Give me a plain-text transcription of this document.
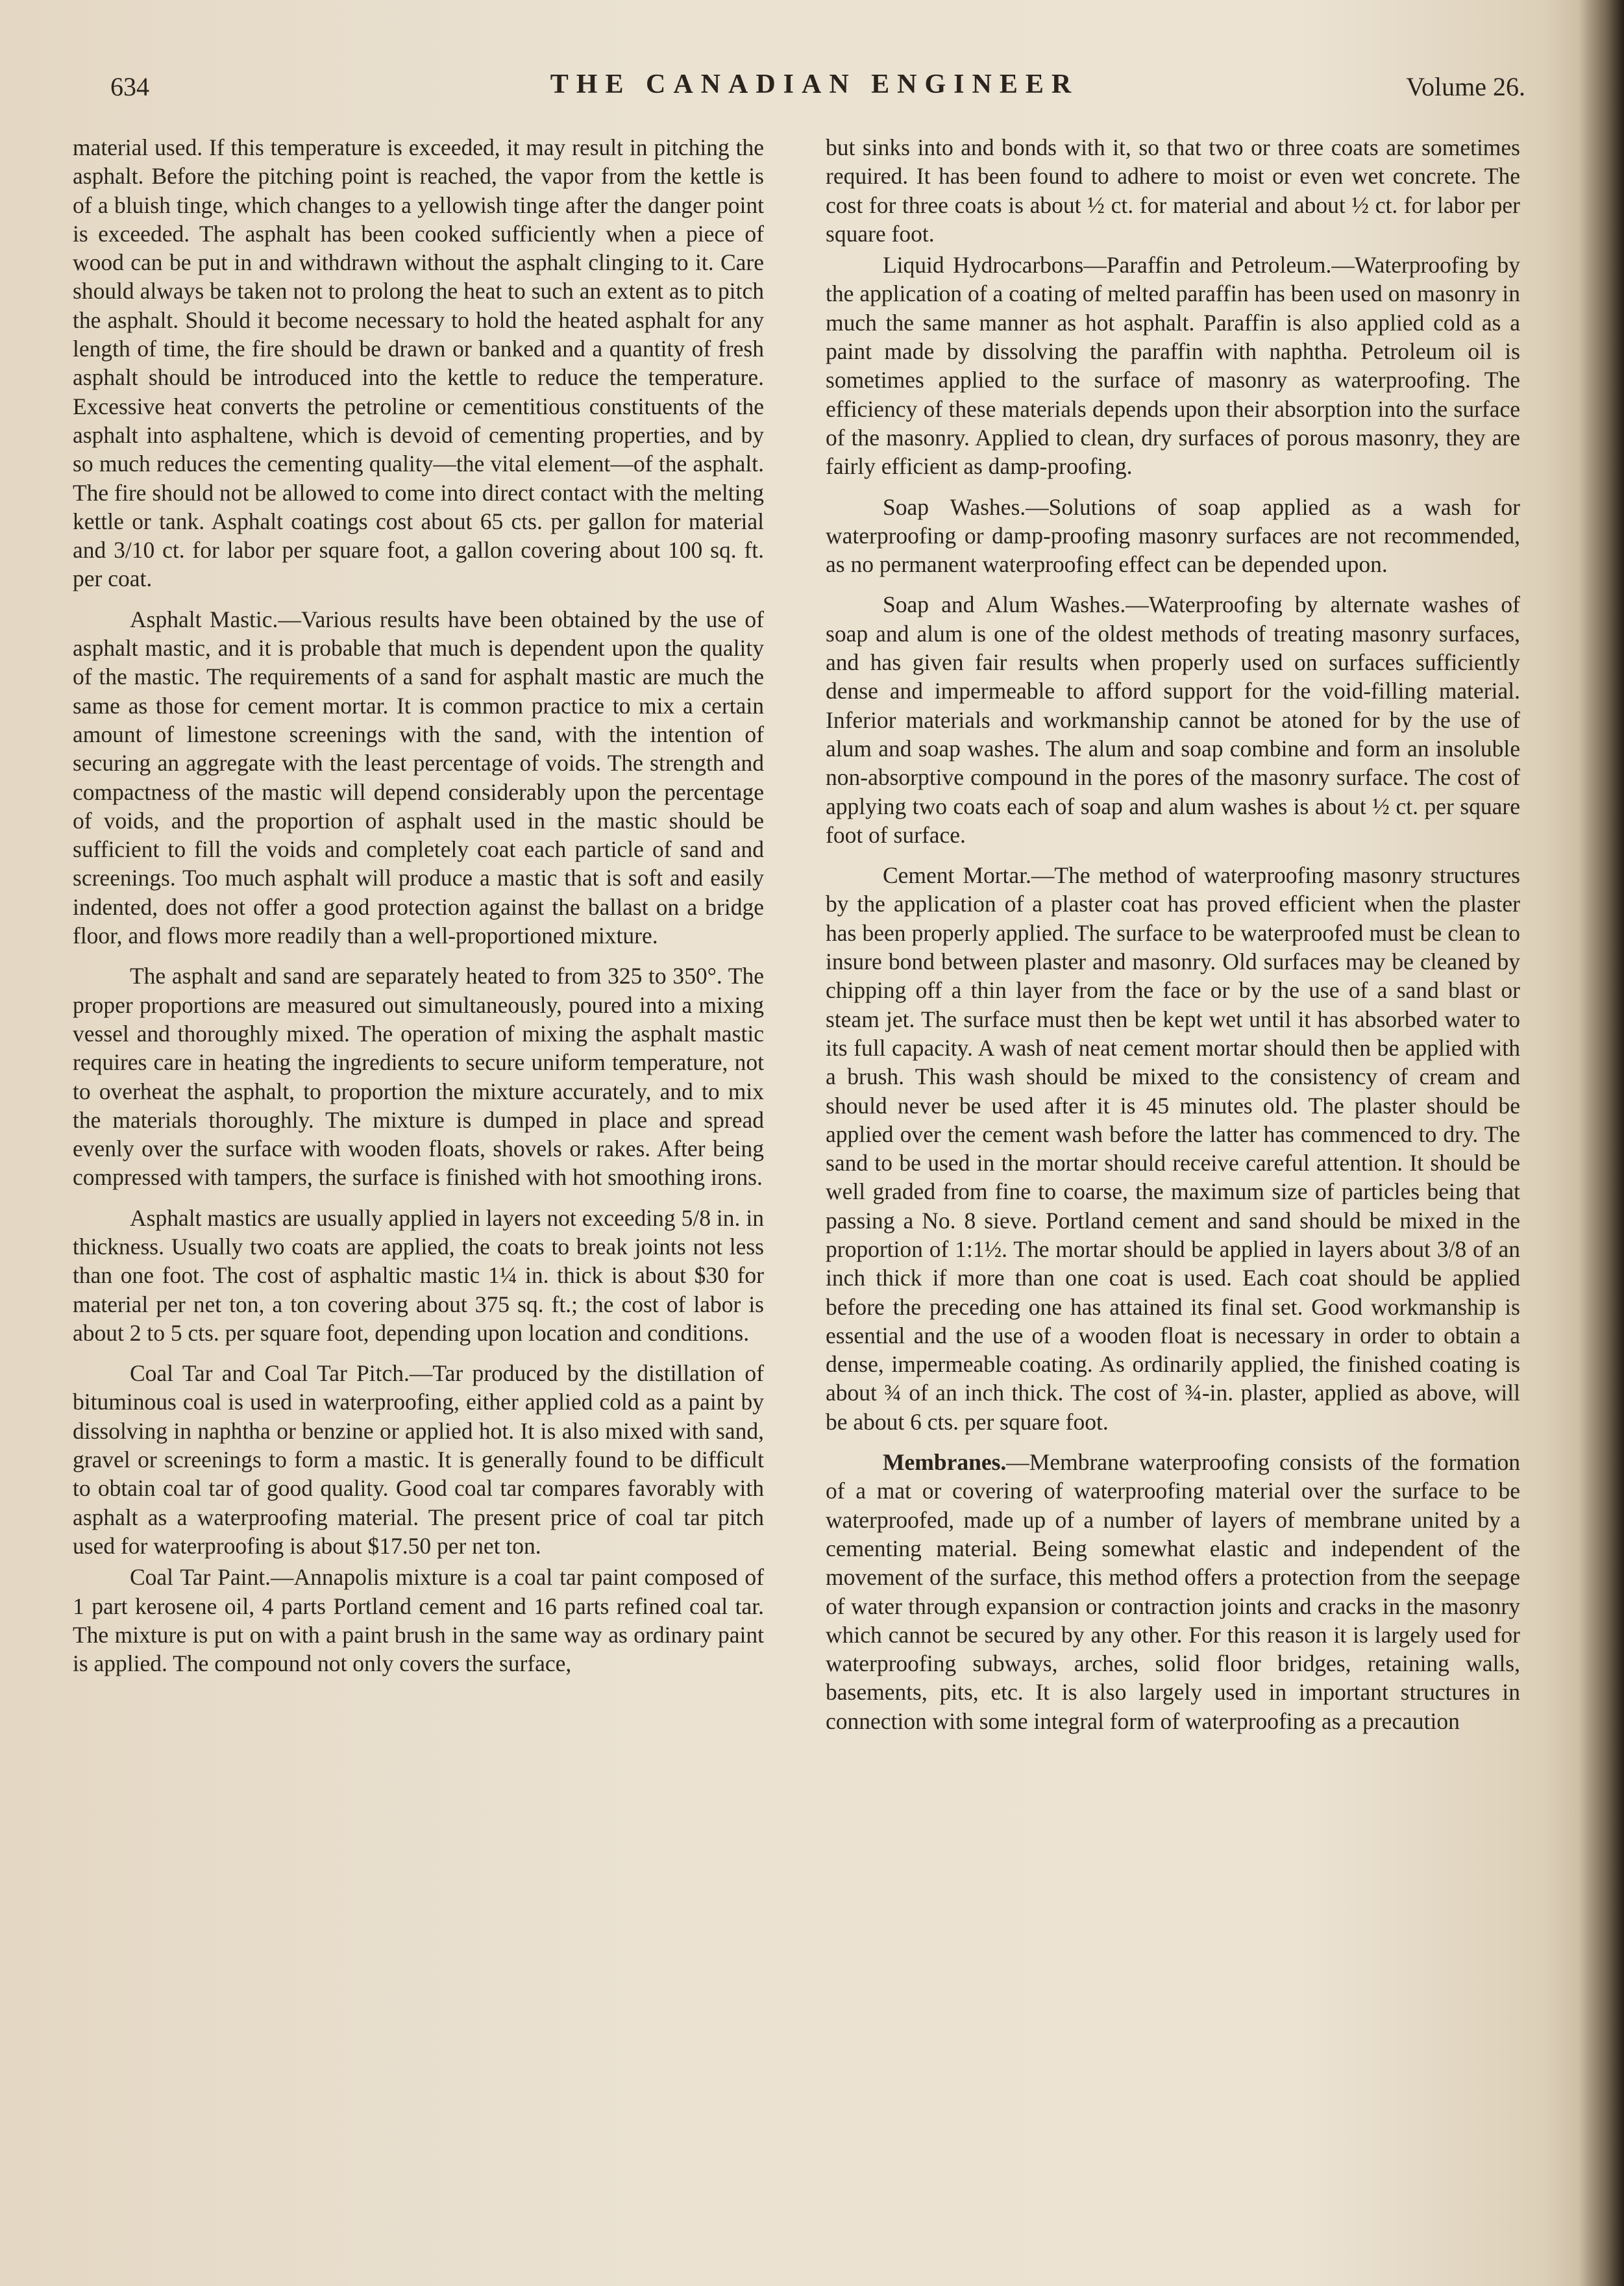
634	THE CANADIAN ENGINEER	Volume 26.

material used. If this temperature is exceeded, it may result in pitching the asphalt. Before the pitching point is reached, the vapor from the kettle is of a bluish tinge, which changes to a yellowish tinge after the danger point is exceeded. The asphalt has been cooked sufficiently when a piece of wood can be put in and withdrawn without the asphalt clinging to it. Care should always be taken not to prolong the heat to such an extent as to pitch the asphalt. Should it become necessary to hold the heated asphalt for any length of time, the fire should be drawn or banked and a quantity of fresh asphalt should be introduced into the kettle to reduce the temperature. Excessive heat converts the petroline or cementitious constituents of the asphalt into asphaltene, which is devoid of cementing properties, and by so much reduces the cementing quality—the vital element—of the asphalt. The fire should not be allowed to come into direct contact with the melting kettle or tank. Asphalt coatings cost about 65 cts. per gallon for material and 3/10 ct. for labor per square foot, a gallon covering about 100 sq. ft. per coat.

Asphalt Mastic.—Various results have been obtained by the use of asphalt mastic, and it is probable that much is dependent upon the quality of the mastic. The requirements of a sand for asphalt mastic are much the same as those for cement mortar. It is common practice to mix a certain amount of limestone screenings with the sand, with the intention of securing an aggregate with the least percentage of voids. The strength and compactness of the mastic will depend considerably upon the percentage of voids, and the proportion of asphalt used in the mastic should be sufficient to fill the voids and completely coat each particle of sand and screenings. Too much asphalt will produce a mastic that is soft and easily indented, does not offer a good protection against the ballast on a bridge floor, and flows more readily than a well-proportioned mixture.

The asphalt and sand are separately heated to from 325 to 350°. The proper proportions are measured out simultaneously, poured into a mixing vessel and thoroughly mixed. The operation of mixing the asphalt mastic requires care in heating the ingredients to secure uniform temperature, not to overheat the asphalt, to proportion the mixture accurately, and to mix the materials thoroughly. The mixture is dumped in place and spread evenly over the surface with wooden floats, shovels or rakes. After being compressed with tampers, the surface is finished with hot smoothing irons.

Asphalt mastics are usually applied in layers not exceeding 5/8 in. in thickness. Usually two coats are applied, the coats to break joints not less than one foot. The cost of asphaltic mastic 1¼ in. thick is about $30 for material per net ton, a ton covering about 375 sq. ft.; the cost of labor is about 2 to 5 cts. per square foot, depending upon location and conditions.

Coal Tar and Coal Tar Pitch.—Tar produced by the distillation of bituminous coal is used in waterproofing, either applied cold as a paint by dissolving in naphtha or benzine or applied hot. It is also mixed with sand, gravel or screenings to form a mastic. It is generally found to be difficult to obtain coal tar of good quality. Good coal tar compares favorably with asphalt as a waterproofing material. The present price of coal tar pitch used for waterproofing is about $17.50 per net ton.

Coal Tar Paint.—Annapolis mixture is a coal tar paint composed of 1 part kerosene oil, 4 parts Portland cement and 16 parts refined coal tar. The mixture is put on with a paint brush in the same way as ordinary paint is applied. The compound not only covers the surface,

but sinks into and bonds with it, so that two or three coats are sometimes required. It has been found to adhere to moist or even wet concrete. The cost for three coats is about ½ ct. for material and about ½ ct. for labor per square foot.

Liquid Hydrocarbons—Paraffin and Petroleum.—Waterproofing by the application of a coating of melted paraffin has been used on masonry in much the same manner as hot asphalt. Paraffin is also applied cold as a paint made by dissolving the paraffin with naphtha. Petroleum oil is sometimes applied to the surface of masonry as waterproofing. The efficiency of these materials depends upon their absorption into the surface of the masonry. Applied to clean, dry surfaces of porous masonry, they are fairly efficient as damp-proofing.

Soap Washes.—Solutions of soap applied as a wash for waterproofing or damp-proofing masonry surfaces are not recommended, as no permanent waterproofing effect can be depended upon.

Soap and Alum Washes.—Waterproofing by alternate washes of soap and alum is one of the oldest methods of treating masonry surfaces, and has given fair results when properly used on surfaces sufficiently dense and impermeable to afford support for the void-filling material. Inferior materials and workmanship cannot be atoned for by the use of alum and soap washes. The alum and soap combine and form an insoluble non-absorptive compound in the pores of the masonry surface. The cost of applying two coats each of soap and alum washes is about ½ ct. per square foot of surface.

Cement Mortar.—The method of waterproofing masonry structures by the application of a plaster coat has proved efficient when the plaster has been properly applied. The surface to be waterproofed must be clean to insure bond between plaster and masonry. Old surfaces may be cleaned by chipping off a thin layer from the face or by the use of a sand blast or steam jet. The surface must then be kept wet until it has absorbed water to its full capacity. A wash of neat cement mortar should then be applied with a brush. This wash should be mixed to the consistency of cream and should never be used after it is 45 minutes old. The plaster should be applied over the cement wash before the latter has commenced to dry. The sand to be used in the mortar should receive careful attention. It should be well graded from fine to coarse, the maximum size of particles being that passing a No. 8 sieve. Portland cement and sand should be mixed in the proportion of 1:1½. The mortar should be applied in layers about 3/8 of an inch thick if more than one coat is used. Each coat should be applied before the preceding one has attained its final set. Good workmanship is essential and the use of a wooden float is necessary in order to obtain a dense, impermeable coating. As ordinarily applied, the finished coating is about ¾ of an inch thick. The cost of ¾-in. plaster, applied as above, will be about 6 cts. per square foot.

Membranes.—Membrane waterproofing consists of the formation of a mat or covering of waterproofing material over the surface to be waterproofed, made up of a number of layers of membrane united by a cementing material. Being somewhat elastic and independent of the movement of the surface, this method offers a protection from the seepage of water through expansion or contraction joints and cracks in the masonry which cannot be secured by any other. For this reason it is largely used for waterproofing subways, arches, solid floor bridges, retaining walls, basements, pits, etc. It is also largely used in important structures in connection with some integral form of waterproofing as a precaution
